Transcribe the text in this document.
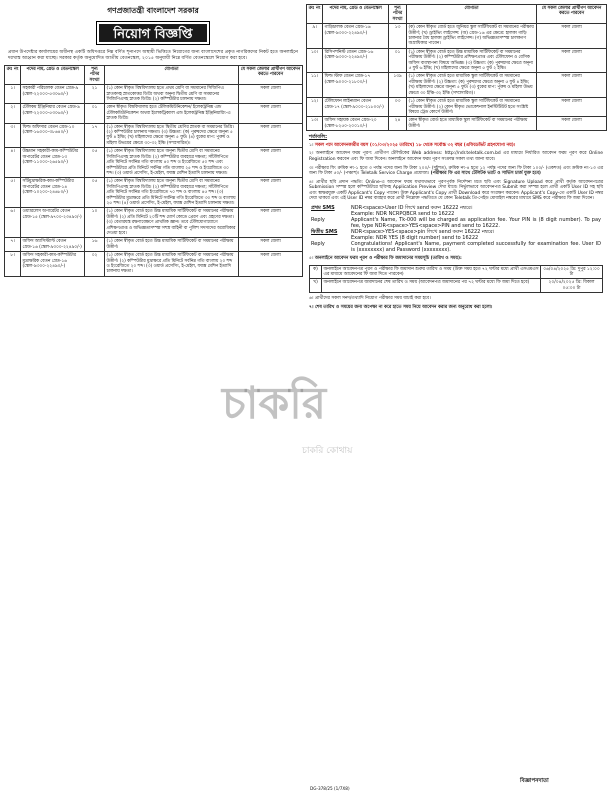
গণপ্রজাতন্ত্রী বাংলাদেশ সরকার
নিয়োগ বিজ্ঞপ্তি
প্রধান উপদেষ্টার কার্যালয়ের অধীনস্থ একটি অধিদপ্তরে নিম্ন বর্ণিত শূন্যপদে অস্থায়ী ভিত্তিতে নিয়োগের জন্য বাংলাদেশের প্রকৃত নাগরিকদের নিকট হতে অনলাইনে দরখাস্ত আহ্বান করা যাচ্ছে। সরকার কর্তৃক অনুমোদিত জাতীয় বেতনস্কেল, ২০১৫ অনুযায়ী নিম্নে বর্ণিত বেতনস্কেলে নিয়োগ করা হবে।
ক্রঃ নং	পদের নাম, গ্রেড ও বেতনস্কেল	শূন্য পদের সংখ্যা	যোগ্যতা	যে সকল জেলার প্রার্থীগণ আবেদন করতে পারবেন
১।	সহকারী পরিচালক বেতন গ্রেড-৯ (স্কেল-২২০০০-৫৩০৬০/-)	২১	(১) কোন স্বীকৃত বিশ্ববিদ্যালয় হতে প্রথম শ্রেণি বা সমমানের সিজিপিএ স্নাতকসহ স্নাতকোত্তর ডিগ্রি অথবা অনূন্য দ্বিতীয় শ্রেণি বা সমমানের সিজিপিএসহ স্নাতক ডিগ্রি। (২) কম্পিউটার চালনায় দক্ষতা।	সকল জেলা
২।	টেলিকম ইঞ্জিনিয়ার বেতন গ্রেড-৯ (স্কেল-২২০০০-৫৩০৬০/-)	০১	কোন স্বীকৃত বিশ্ববিদ্যালয় হতে টেলিকমিউনিকেশন/ ইলেকট্রনিক্স এন্ড টেলিকমিউনিকেশন অথবা ইলেকট্রিক্যাল এন্ড ইলেকট্রনিক্স ইঞ্জিনিয়ারিং-এ স্নাতক ডিগ্রি।	সকল জেলা
৩।	ফিল্ড অফিসার বেতন গ্রেড-১০ (স্কেল-১৬০০০-৩৮৬৪০/-)	১৭	(১) কোন স্বীকৃত বিশ্ববিদ্যালয় হতে দ্বিতীয় শ্রেণির স্নাতক বা সমমানের ডিগ্রি। (২) কম্পিউটার চালনায় দক্ষতা। (৩) উচ্চতা: (ক) পুরুষদের ক্ষেত্রে অনূন্য ৫ ফুট ৪ ইঞ্চি; (খ) মহিলাদের ক্ষেত্রে অনূন্য ৫ ফুট। (৪) বুকের মাপ: পুরুষ ও মহিলা উভয়ের ক্ষেত্রে ৩০-৩২ ইঞ্চি (সম্প্রসারিত)।	সকল জেলা
৪।	উচ্চমান সহকারী-কাম-কম্পিউটার অপারেটর বেতন গ্রেড-১৩ (স্কেল-১১০০০-২৬৫৯০/-)	০৫	(১) কোন স্বীকৃত বিশ্ববিদ্যালয় হতে অনূন্য দ্বিতীয় শ্রেণি বা সমমানের সিজিপিএসহ স্নাতক ডিগ্রি। (২) কম্পিউটার ব্যবহারে দক্ষতা; সাঁটলিপিতে প্রতি মিনিটে সর্বনিম্ন গতি বাংলায় ৪০ শব্দ ও ইংরেজিতে ৫০ শব্দ এবং কম্পিউটারে প্রতি মিনিটে সর্বনিম্ন গতি বাংলায় ২৫ শব্দ ও ইংরেজিতে ৩০ শব্দ। (৩) ওয়ার্ড প্রসেসিং, ই-মেইল, ফ্যাক্স মেশিন ইত্যাদি চালনায় দক্ষতা।	সকল জেলা
৫।	সাঁটমুদ্রাক্ষরিক-কাম-কম্পিউটার অপারেটর বেতন গ্রেড-১৪ (স্কেল-১০২০০-২৪৬৮০/-)	০৫	(১) কোন স্বীকৃত বিশ্ববিদ্যালয় হতে অনূন্য দ্বিতীয় শ্রেণি বা সমমানের সিজিপিএসহ স্নাতক ডিগ্রি। (২) কম্পিউটার ব্যবহারে দক্ষতা; সাঁটলিপিতে প্রতি মিনিটে সর্বনিম্ন গতি ইংরেজিতে ৭০ শব্দ ও বাংলায় ৪৫ শব্দ। (৩) কম্পিউটার মুদ্রাক্ষরে প্রতি মিনিটে সর্বনিম্ন গতি ইংরেজিতে ৩০ শব্দ ও বাংলায় ২৫ শব্দ। (৪) ওয়ার্ড প্রসেসিং, ই-মেইল, ফ্যাক্স মেশিন ইত্যাদি চালনায় দক্ষতা।	সকল জেলা
৬।	ওয়্যারলেস অপারেটর বেতন গ্রেড-১৫ (স্কেল-৯৭০০-২৩৪৯০/-)	১০	(১) কোন স্বীকৃত বোর্ড হতে উচ্চ মাধ্যমিক সার্টিফিকেট বা সমমানের পরীক্ষায় উত্তীর্ণ। (২) প্রতি মিনিটে ২০টি শব্দ মোর্স কোডে প্রেরণ এবং গ্রহণের দক্ষতা। (৩) বেতারযন্ত্র রক্ষণাবেক্ষণে প্রাথমিক জ্ঞান। তবে টেলিযোগাযোগে প্রশিক্ষণপ্রাপ্ত ও অভিজ্ঞতাসম্পন্ন সশস্ত্র বাহিনী বা পুলিশ সদস্যদের অগ্রাধিকার দেওয়া হবে।	সকল জেলা
৭।	অফিস অ্যাসিস্ট্যান্ট বেতন গ্রেড-১৬ (স্কেল-৯৩০০-২২৪৯০/-)	১৬	(১) কোন স্বীকৃত বোর্ড হতে উচ্চ মাধ্যমিক সার্টিফিকেট বা সমমানের পরীক্ষায় উত্তীর্ণ।	সকল জেলা
৮।	অফিস সহকারী-কাম-কম্পিউটার মুদ্রাক্ষরিক বেতন গ্রেড-১৬ (স্কেল-৯৩০০-২২৪৯০/-)	০২	(১) কোন স্বীকৃত বোর্ড হতে উচ্চ মাধ্যমিক সার্টিফিকেট বা সমমানের পরীক্ষায় উত্তীর্ণ। (২) কম্পিউটার মুদ্রাক্ষরে প্রতি মিনিটে সর্বনিম্ন গতি বাংলায় ২০ শব্দ ও ইংরেজিতে ২০ শব্দ। (৩) ওয়ার্ড প্রসেসিং, ই-মেইল, ফ্যাক্স মেশিন ইত্যাদি চালনায় দক্ষতা।	সকল জেলা
ক্রঃ নং	পদের নাম, গ্রেড ও বেতনস্কেল	শূন্য পদের সংখ্যা	যোগ্যতা	যে সকল জেলার প্রার্থীগণ আবেদন করতে পারবেন
৯।	গাড়িচালক বেতন গ্রেড-১৬ (স্কেল-৯৩০০-২২৪৯০/-)	১৩	(ক) কোন স্বীকৃত বোর্ড হতে জুনিয়র স্কুল সার্টিফিকেট বা সমমানের পরীক্ষায় উত্তীর্ণ; (খ) ড্রাইভিং লাইসেন্স: (অ) গ্রেড-১৬ এর ক্ষেত্রে: হালকা গাড়ি চালনার বৈধ হালকা ড্রাইভিং লাইসেন্স। (গ) অভিজ্ঞতাসম্পন্ন চালকগণ অগ্রাধিকার পাবেন।	সকল জেলা
১০।	রিসিপশনিস্ট বেতন গ্রেড-১৬ (স্কেল-৯৩০০-২২৪৯০/-)	০১	(১) কোন স্বীকৃত বোর্ড হতে উচ্চ মাধ্যমিক সার্টিফিকেট বা সমমানের পরীক্ষায় উত্তীর্ণ। (২) কম্পিউটার প্রশিক্ষণপ্রাপ্ত এবং টেলিফোন ও বেসিক অফিস ব্যবস্থাপনা বিষয়ে অভিজ্ঞ। (৩) উচ্চতা: (ক) পুরুষদের ক্ষেত্রে অনূন্য ৫ ফুট ৬ ইঞ্চি; (খ) মহিলাদের ক্ষেত্রে অনূন্য ৫ ফুট ২ ইঞ্চি।	সকল জেলা
১১।	ফিল্ড স্টাফ বেতন গ্রেড-১৭ (স্কেল-৯০০০-২১৮০০/-)	১৩৯	(১) কোন স্বীকৃত বোর্ড হতে মাধ্যমিক স্কুল সার্টিফিকেট বা সমমানের পরীক্ষায় উত্তীর্ণ। (২) উচ্চতা: (ক) পুরুষদের ক্ষেত্রে অনূন্য ৫ ফুট ৪ ইঞ্চি; (খ) মহিলাদের ক্ষেত্রে অনূন্য ৫ ফুট। (৩) বুকের মাপ: পুরুষ ও মহিলা উভয় ক্ষেত্রে ৩০ ইঞ্চি-৩২ ইঞ্চি (সম্প্রসারিত)।	সকল জেলা
১২।	টেলিফোন লাইনম্যান বেতন গ্রেড-১৭ (স্কেল-৯০০০-২১৮০০/-)	০৩	(১) কোন স্বীকৃত বোর্ড হতে মাধ্যমিক স্কুল সার্টিফিকেট বা সমমানের পরীক্ষায় উত্তীর্ণ। (২) কোন স্বীকৃত ভোকেশনাল ইনস্টিটিউট হতে সংশ্লিষ্ট বিষয়ে ট্রেড কোর্সে উত্তীর্ণ।	সকল জেলা
১৩।	অফিস সহায়ক বেতন গ্রেড-২০ (স্কেল-৮২৫০-২০০১০/-)	২৪	কোন স্বীকৃত বোর্ড হতে মাধ্যমিক স্কুল সার্টিফিকেট বা সমমানের পরীক্ষায় উত্তীর্ণ।	সকল জেলা
শর্তাবলি:
১। সকল পদে আবেদনকারীর বয়স (০১/০৩/২০২৫ তারিখে) ১৮ থেকে সর্বোচ্চ ৩২ বছর (এফিডেভিট গ্রহণযোগ্য নয়)।
২। অনলাইনে আবেদন ফরম পূরণ: প্রার্থীগণ টেলিটকের Web address: http://ndr.teletalk.com.bd এর মাধ্যমে নির্ধারিত আবেদন ফরম পূরণ করে Online Registration করবেন এবং ফি জমা দিবেন। অনলাইনে আবেদন ফরম পূরণ সংক্রান্ত সকল তথ্য জানা যাবে।
৩। পরীক্ষার ফি: ক্রমিক নং-১ হতে ৩ পর্যন্ত পদের জন্য ফি টাকা ২০০/- (দুইশত), ক্রমিক নং-৪ হতে ১২ পর্যন্ত পদের জন্য ফি টাকা ১০০/- (একশত) এবং ক্রমিক নং-১৩ এর জন্য ফি টাকা ৫০/- (পঞ্চাশ)। Teletalk Service Charge প্রযোজ্য। (পরীক্ষার ফি এর সাথে টেলিটক ভ্যাট ও সার্ভিস চার্জ যুক্ত হবে)
৪। প্রার্থীর ছবি প্রদান পদ্ধতি: Online-এ আবেদন ফরম যথাযথভাবে পূরণপূর্বক নির্দেশনা মতে ছবি এবং Signature Upload করে প্রার্থী কর্তৃক আবেদনপত্রের Submission সম্পন্ন হলে কম্পিউটারে ছবিসহ Application Preview দেখা যাবে। নির্ভুলভাবে আবেদনপত্র Submit করা সম্পন্ন হলে প্রার্থী একটি User ID সহ ছবি এবং স্বাক্ষরযুক্ত একটি Applicant's Copy পাবেন। উক্ত Applicant's Copy প্রার্থী Download করে সংরক্ষণ করবেন। Applicant's Copy-তে একটি User ID নম্বর দেয়া থাকবে এবং এই User ID নম্বর ব্যবহার করে প্রার্থী নিম্নোক্ত পদ্ধতিতে যে কোন Teletalk প্রি-পেইড মোবাইল নম্বরের মাধ্যমে SMS করে পরীক্ষার ফি জমা দিবেন।
প্রথম SMS	NDR<space>User ID লিখে send করুন 16222 নম্বরে।
Example: NDR NCRPQBCR send to 16222

Reply	Applicant's Name, Tk-000 will be charged as application fee. Your PIN is (8 digit number). To pay fee, type NDR<space>YES<space>PIN and send to 16222.
দ্বিতীয় SMS	NDR<space>YES<space>pin লিখে send করুন 16222 নম্বরে।
Example: NDR YES (8 digit number) send to 16222

Reply	Congratulations! Applicant's Name, payment completed successfully for examination fee. User ID is (xxxxxxxx) and Password (xxxxxxxx).
৫। অনলাইনে আবেদন ফরম পূরণ ও পরীক্ষার ফি জমাদানের সময়সূচি (তারিখ ও সময়):
ক)	অনলাইনে আবেদনপত্র পূরণ ও পরীক্ষার ফি জমাদান শুরুর তারিখ ও সময় (উক্ত সময় হতে ৭২ ঘণ্টার মধ্যে প্রার্থী এসএমএস এর মাধ্যমে আবেদনের ফি জমা দিতে পারবেন)	০৬/০৪/২০২৫ খ্রি: দুপুর ১২:০০ টা
খ)	অনলাইনে আবেদনপত্র জমাদানের শেষ তারিখ ও সময় (আবেদনপত্র জমাদানের পর ৭২ ঘণ্টার মধ্যে ফি জমা দিতে হবে)	২০/০৪/২০২৫ খ্রি: বিকাল ০৫:০০ টা
৬। প্রার্থীদের সকল সনদ/তথ্যাদি নিয়োগ পরীক্ষার সময় যাচাই করা হবে।
৭। শেষ তারিখ ও সময়ের জন্য অপেক্ষা না করে হাতে সময় নিয়ে আবেদন করার জন্য অনুরোধ করা হলো।
চাকরি
চাকরি কোথায়
DG-378/25 (1/7X8)
বিজ্ঞাপনদাতা
